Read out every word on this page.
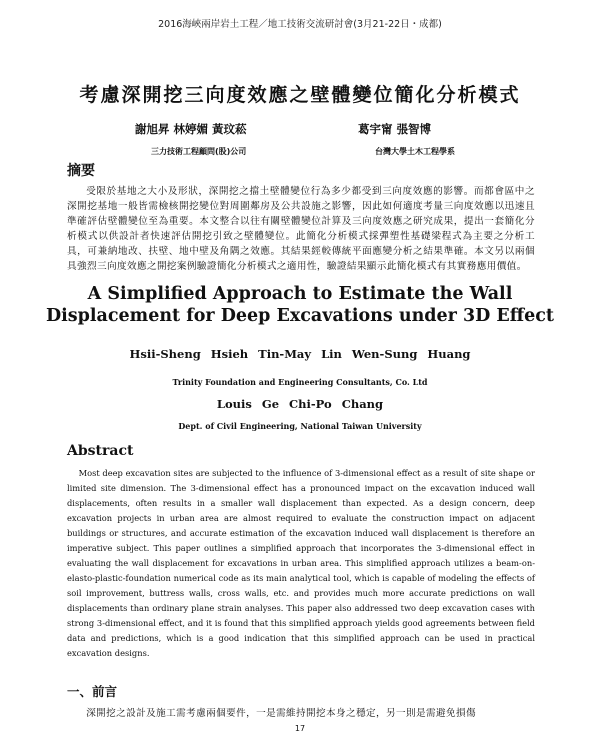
2016海峽兩岸岩土工程／地工技術交流研討會(3月21-22日・成都)
考慮深開挖三向度效應之壁體變位簡化分析模式
謝旭昇 林婷媚 黃玟菘
三力技術工程顧問(股)公司
葛宇甯 張智博
台灣大學土木工程學系
摘要
受限於基地之大小及形狀，深開挖之擋土壁體變位行為多少都受到三向度效應的影響。而都會區中之深開挖基地一般皆需檢核開挖變位對周圍鄰房及公共設施之影響，因此如何適度考量三向度效應以迅速且準確評估壁體變位至為重要。本文整合以往有關壁體變位計算及三向度效應之研究成果，提出一套簡化分析模式以供設計者快速評估開挖引致之壁體變位。此簡化分析模式採彈塑性基礎梁程式為主要之分析工具，可兼納地改、扶壁、地中壁及角隅之效應。其結果經較傳統平面應變分析之結果準確。本文另以兩個具強烈三向度效應之開挖案例驗證簡化分析模式之適用性，驗證結果顯示此簡化模式有其實務應用價值。
A Simplified Approach to Estimate the Wall
Displacement for Deep Excavations under 3D Effect
Hsii-Sheng Hsieh Tin-May Lin Wen-Sung Huang
Trinity Foundation and Engineering Consultants, Co. Ltd
Louis Ge Chi-Po Chang
Dept. of Civil Engineering, National Taiwan University
Abstract
Most deep excavation sites are subjected to the influence of 3-dimensional effect as a result of site shape or limited site dimension. The 3-dimensional effect has a pronounced impact on the excavation induced wall displacements, often results in a smaller wall displacement than expected. As a design concern, deep excavation projects in urban area are almost required to evaluate the construction impact on adjacent buildings or structures, and accurate estimation of the excavation induced wall displacement is therefore an imperative subject. This paper outlines a simplified approach that incorporates the 3-dimensional effect in evaluating the wall displacement for excavations in urban area. This simplified approach utilizes a beam-on-elasto-plastic-foundation numerical code as its main analytical tool, which is capable of modeling the effects of soil improvement, buttress walls, cross walls, etc. and provides much more accurate predictions on wall displacements than ordinary plane strain analyses. This paper also addressed two deep excavation cases with strong 3-dimensional effect, and it is found that this simplified approach yields good agreements between field data and predictions, which is a good indication that this simplified approach can be used in practical excavation designs.
一、前言
深開挖之設計及施工需考慮兩個要件，一是需維持開挖本身之穩定，另一則是需避免損傷
17
